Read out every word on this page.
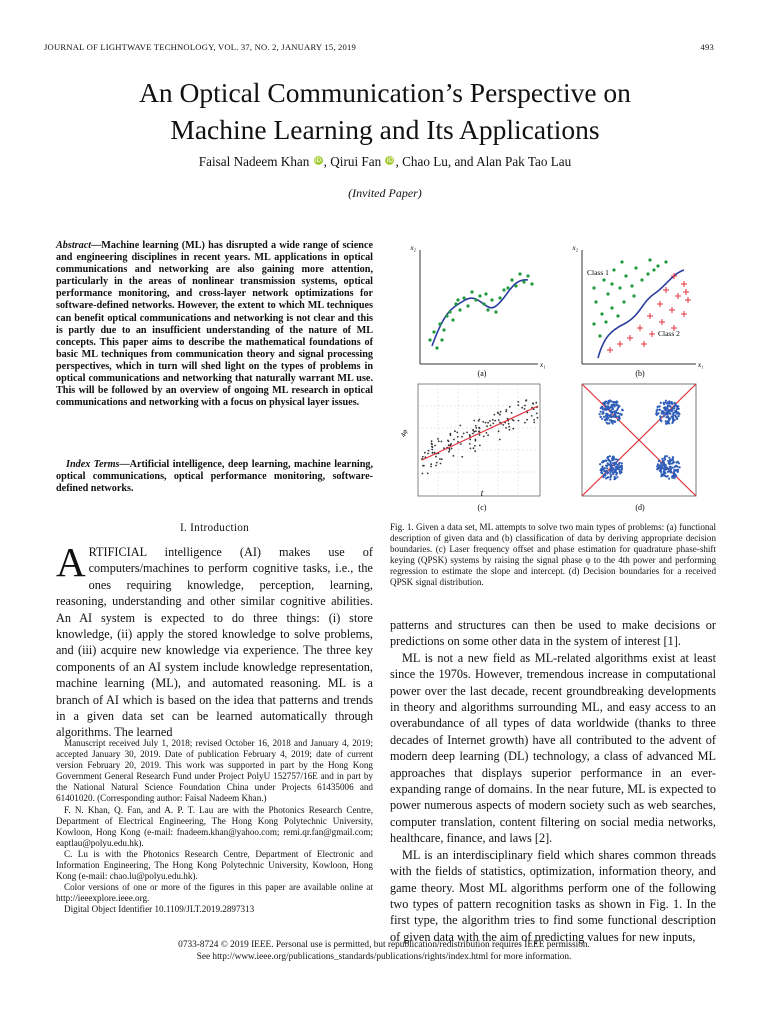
JOURNAL OF LIGHTWAVE TECHNOLOGY, VOL. 37, NO. 2, JANUARY 15, 2019	493
An Optical Communication’s Perspective on
Machine Learning and Its Applications
Faisal Nadeem Khan iD , Qirui Fan iD , Chao Lu, and Alan Pak Tao Lau
(Invited Paper)
Abstract—Machine learning (ML) has disrupted a wide range of science and engineering disciplines in recent years. ML applications in optical communications and networking are also gaining more attention, particularly in the areas of nonlinear transmission systems, optical performance monitoring, and cross-layer network optimizations for software-defined networks. However, the extent to which ML techniques can benefit optical communications and networking is not clear and this is partly due to an insufficient understanding of the nature of ML concepts. This paper aims to describe the mathematical foundations of basic ML techniques from communication theory and signal processing perspectives, which in turn will shed light on the types of problems in optical communications and networking that naturally warrant ML use. This will be followed by an overview of ongoing ML research in optical communications and networking with a focus on physical layer issues.
Index Terms—Artificial intelligence, deep learning, machine learning, optical communications, optical performance monitoring, software-defined networks.
I. Introduction
ARTIFICIAL intelligence (AI) makes use of computers/machines to perform cognitive tasks, i.e., the ones requiring knowledge, perception, learning, reasoning, understanding and other similar cognitive abilities. An AI system is expected to do three things: (i) store knowledge, (ii) apply the stored knowledge to solve problems, and (iii) acquire new knowledge via experience. The three key components of an AI system include knowledge representation, machine learning (ML), and automated reasoning. ML is a branch of AI which is based on the idea that patterns and trends in a given data set can be learned automatically through algorithms. The learned

Manuscript received July 1, 2018; revised October 16, 2018 and January 4, 2019; accepted January 30, 2019. Date of publication February 4, 2019; date of current version February 20, 2019. This work was supported in part by the Hong Kong Government General Research Fund under Project PolyU 152757/16E and in part by the National Natural Science Foundation China under Projects 61435006 and 61401020. (Corresponding author: Faisal Nadeem Khan.)

F. N. Khan, Q. Fan, and A. P. T. Lau are with the Photonics Research Centre, Department of Electrical Engineering, The Hong Kong Polytechnic University, Kowloon, Hong Kong (e-mail: fnadeem.khan@yahoo.com; remi.qr.fan@gmail.com; eaptlau@polyu.edu.hk).

C. Lu is with the Photonics Research Centre, Department of Electronic and Information Engineering, The Hong Kong Polytechnic University, Kowloon, Hong Kong (e-mail: chao.lu@polyu.edu.hk).

Color versions of one or more of the figures in this paper are available online at http://ieeexplore.ieee.org.

Digital Object Identifier 10.1109/JLT.2019.2897313

x₂
x₁
(a)
x₂
x₁
Class 1
Class 2
(b)
4φ
t
(c)	(d)
Fig. 1. Given a data set, ML attempts to solve two main types of problems: (a) functional description of given data and (b) classification of data by deriving appropriate decision boundaries. (c) Laser frequency offset and phase estimation for quadrature phase-shift keying (QPSK) systems by raising the signal phase φ to the 4th power and performing regression to estimate the slope and intercept. (d) Decision boundaries for a received QPSK signal distribution.

patterns and structures can then be used to make decisions or predictions on some other data in the system of interest [1].

ML is not a new field as ML-related algorithms exist at least since the 1970s. However, tremendous increase in computational power over the last decade, recent groundbreaking developments in theory and algorithms surrounding ML, and easy access to an overabundance of all types of data worldwide (thanks to three decades of Internet growth) have all contributed to the advent of modern deep learning (DL) technology, a class of advanced ML approaches that displays superior performance in an ever-expanding range of domains. In the near future, ML is expected to power numerous aspects of modern society such as web searches, computer translation, content filtering on social media networks, healthcare, finance, and laws [2].

ML is an interdisciplinary field which shares common threads with the fields of statistics, optimization, information theory, and game theory. Most ML algorithms perform one of the following two types of pattern recognition tasks as shown in Fig. 1. In the first type, the algorithm tries to find some functional description of given data with the aim of predicting values for new inputs,

0733-8724 © 2019 IEEE. Personal use is permitted, but republication/redistribution requires IEEE permission.
See http://www.ieee.org/publications_standards/publications/rights/index.html for more information.
